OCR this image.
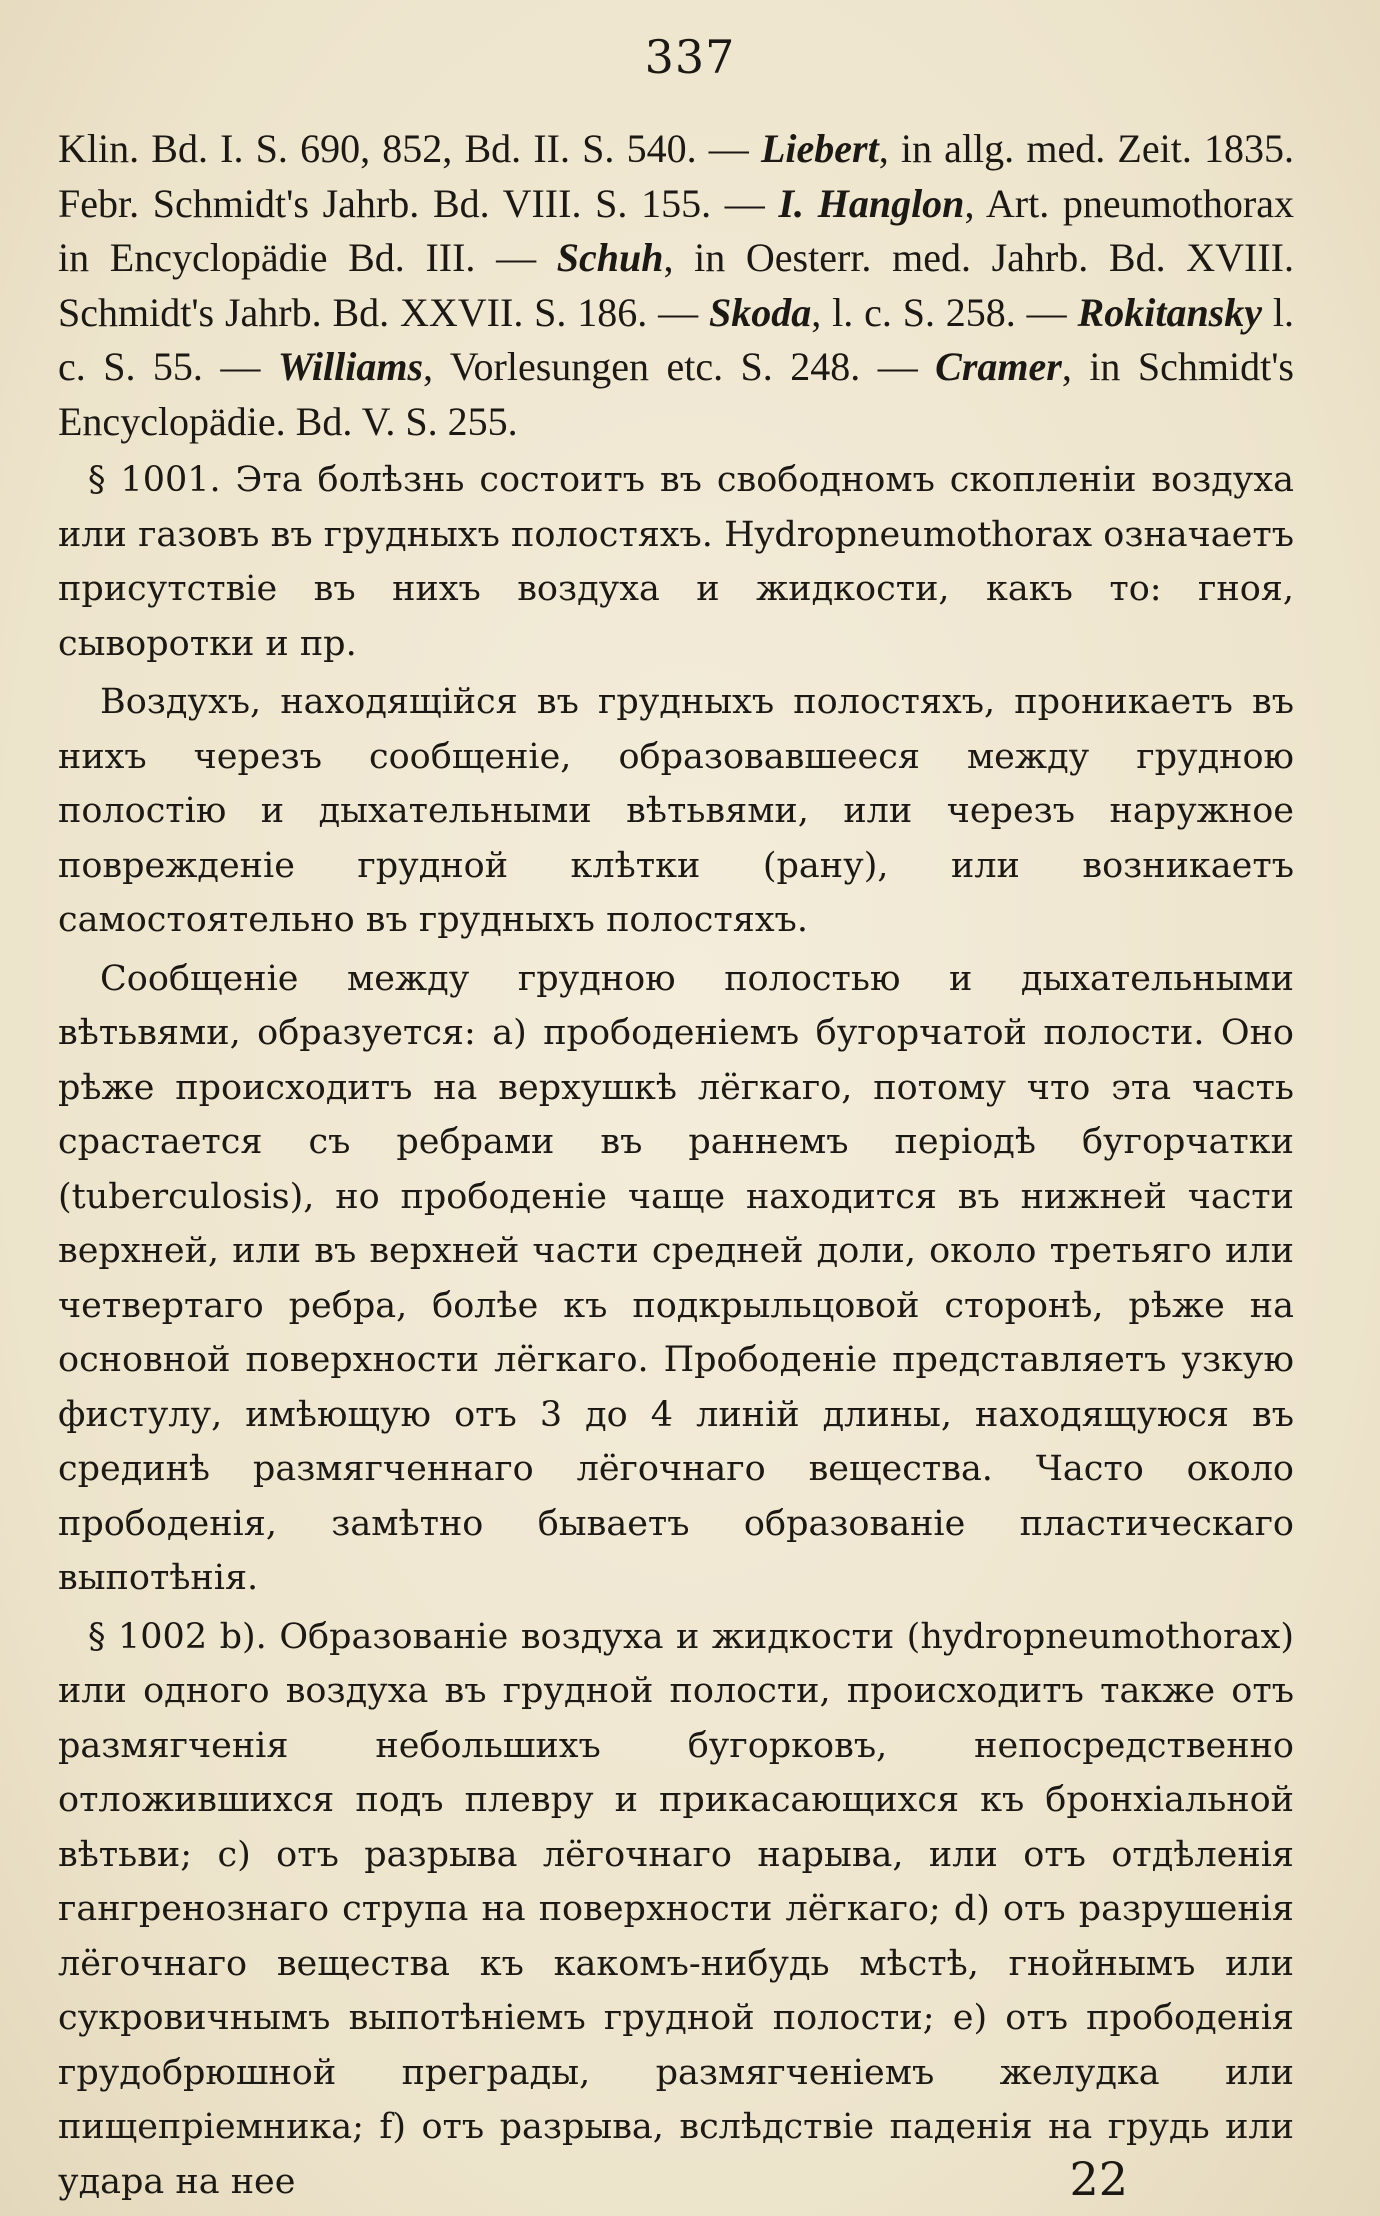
337

Klin. Bd. I. S. 690, 852, Bd. II. S. 540. — Liebert, in allg. med. Zeit. 1835. Febr. Schmidt's Jahrb. Bd. VIII. S. 155. — I. Hanglon, Art. pneumothorax in Encyclopädie Bd. III. — Schuh, in Oesterr. med. Jahrb. Bd. XVIII. Schmidt's Jahrb. Bd. XXVII. S. 186. — Skoda, l. c. S. 258. — Rokitansky l. c. S. 55. — Williams, Vorlesungen etc. S. 248. — Cramer, in Schmidt's Encyclopädie. Bd. V. S. 255.

§ 1001. Эта болѣзнь состоитъ въ свободномъ скопленіи воздуха или газовъ въ грудныхъ полостяхъ. Hydropneumothorax означаетъ присутствіе въ нихъ воздуха и жидкости, какъ то: гноя, сыворотки и пр.

Воздухъ, находящійся въ грудныхъ полостяхъ, проникаетъ въ нихъ черезъ сообщеніе, образовавшееся между грудною полостію и дыхательными вѣтьвями, или черезъ наружное поврежденіе грудной клѣтки (рану), или возникаетъ самостоятельно въ грудныхъ полостяхъ.

Сообщеніе между грудною полостью и дыхательными вѣтьвями, образуется: а) прободеніемъ бугорчатой полости. Оно рѣже происходитъ на верхушкѣ лёгкаго, потому что эта часть срастается съ ребрами въ раннемъ періодѣ бугорчатки (tuberculosis), но прободеніе чаще находится въ нижней части верхней, или въ верхней части средней доли, около третьяго или четвертаго ребра, болѣе къ подкрыльцовой сторонѣ, рѣже на основной поверхности лёгкаго. Прободеніе представляетъ узкую фистулу, имѣющую отъ 3 до 4 линій длины, находящуюся въ срединѣ размягченнаго лёгочнаго вещества. Часто около прободенія, замѣтно бываетъ образованіе пластическаго выпотѣнія.

§ 1002 b). Образованіе воздуха и жидкости (hydropneumothorax) или одного воздуха въ грудной полости, происходитъ также отъ размягченія небольшихъ бугорковъ, непосредственно отложившихся подъ плевру и прикасающихся къ бронхіальной вѣтьви; с) отъ разрыва лёгочнаго нарыва, или отъ отдѣленія гангренознаго струпа на поверхности лёгкаго; d) отъ разрушенія лёгочнаго вещества къ какомъ-нибудь мѣстѣ, гнойнымъ или сукровичнымъ выпотѣніемъ грудной полости; е) отъ прободенія грудобрюшной преграды, размягченіемъ желудка или пищепріемника; f) отъ разрыва, вслѣдствіе паденія на грудь или удара на нее	22
